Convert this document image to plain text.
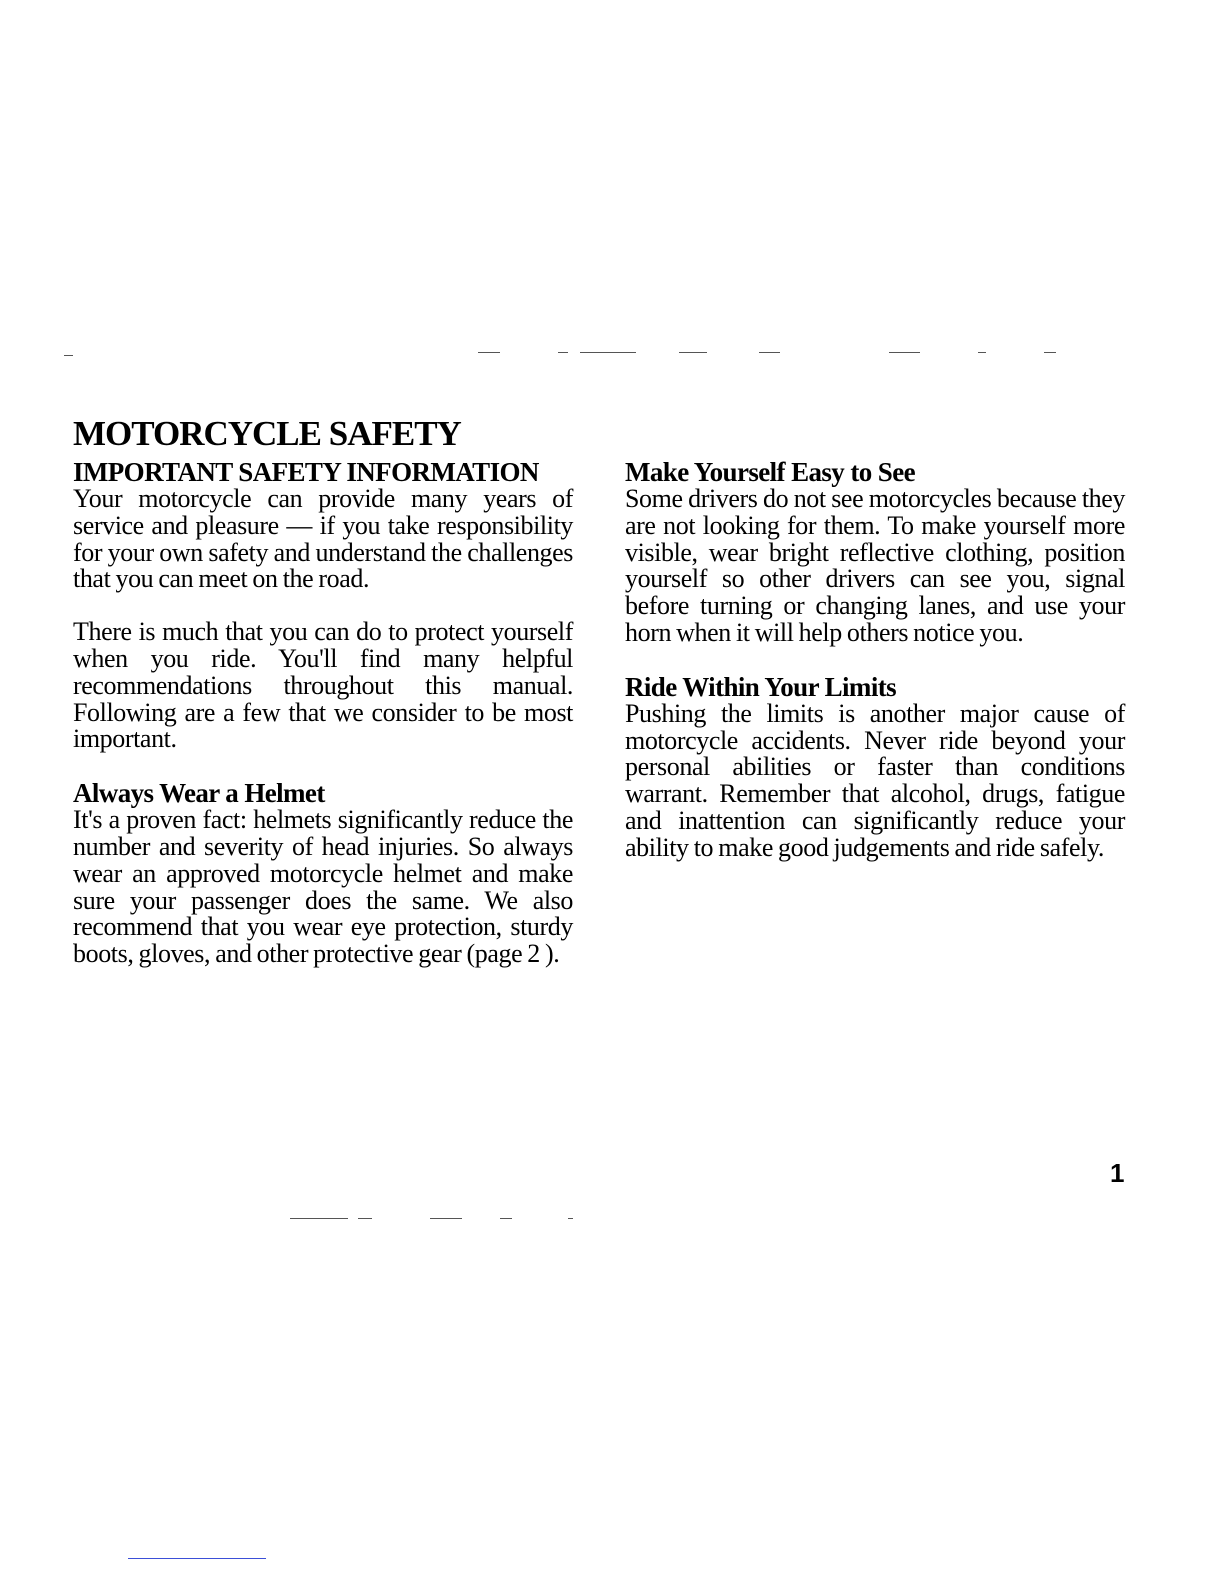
MOTORCYCLE SAFETY
IMPORTANT SAFETY INFORMATION

Your motorcycle can provide many years of service and pleasure — if you take responsibility for your own safety and understand the challenges that you can meet on the road.

There is much that you can do to protect yourself when you ride. You'll find many helpful recommendations throughout this manual. Following are a few that we consider to be most important.

Always Wear a Helmet

It's a proven fact: helmets significantly reduce the number and severity of head injuries. So always wear an approved motorcycle helmet and make sure your passenger does the same. We also recommend that you wear eye protection, sturdy boots, gloves, and other protective gear (page 2 ).

Make Yourself Easy to See

Some drivers do not see motorcycles because they are not looking for them. To make yourself more visible, wear bright reflective clothing, position yourself so other drivers can see you, signal before turning or changing lanes, and use your horn when it will help others notice you.

Ride Within Your Limits

Pushing the limits is another major cause of motorcycle accidents. Never ride beyond your personal abilities or faster than conditions warrant. Remember that alcohol, drugs, fatigue and inattention can significantly reduce your ability to make good judgements and ride safely.

1
